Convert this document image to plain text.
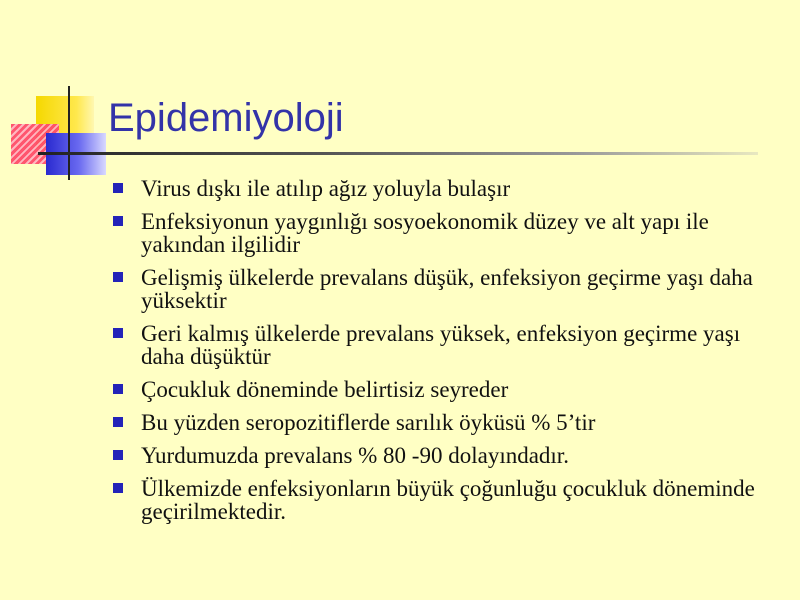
Epidemiyoloji
Virus dışkı ile atılıp ağız yoluyla bulaşır
Enfeksiyonun yaygınlığı sosyoekonomik düzey ve alt yapı ile yakından ilgilidir
Gelişmiş ülkelerde prevalans düşük, enfeksiyon geçirme yaşı daha yüksektir
Geri kalmış ülkelerde prevalans yüksek, enfeksiyon geçirme yaşı daha düşüktür
Çocukluk döneminde belirtisiz seyreder
Bu yüzden seropozitiflerde sarılık öyküsü % 5’tir
Yurdumuzda prevalans % 80 -90 dolayındadır.
Ülkemizde enfeksiyonların büyük çoğunluğu çocukluk döneminde geçirilmektedir.
